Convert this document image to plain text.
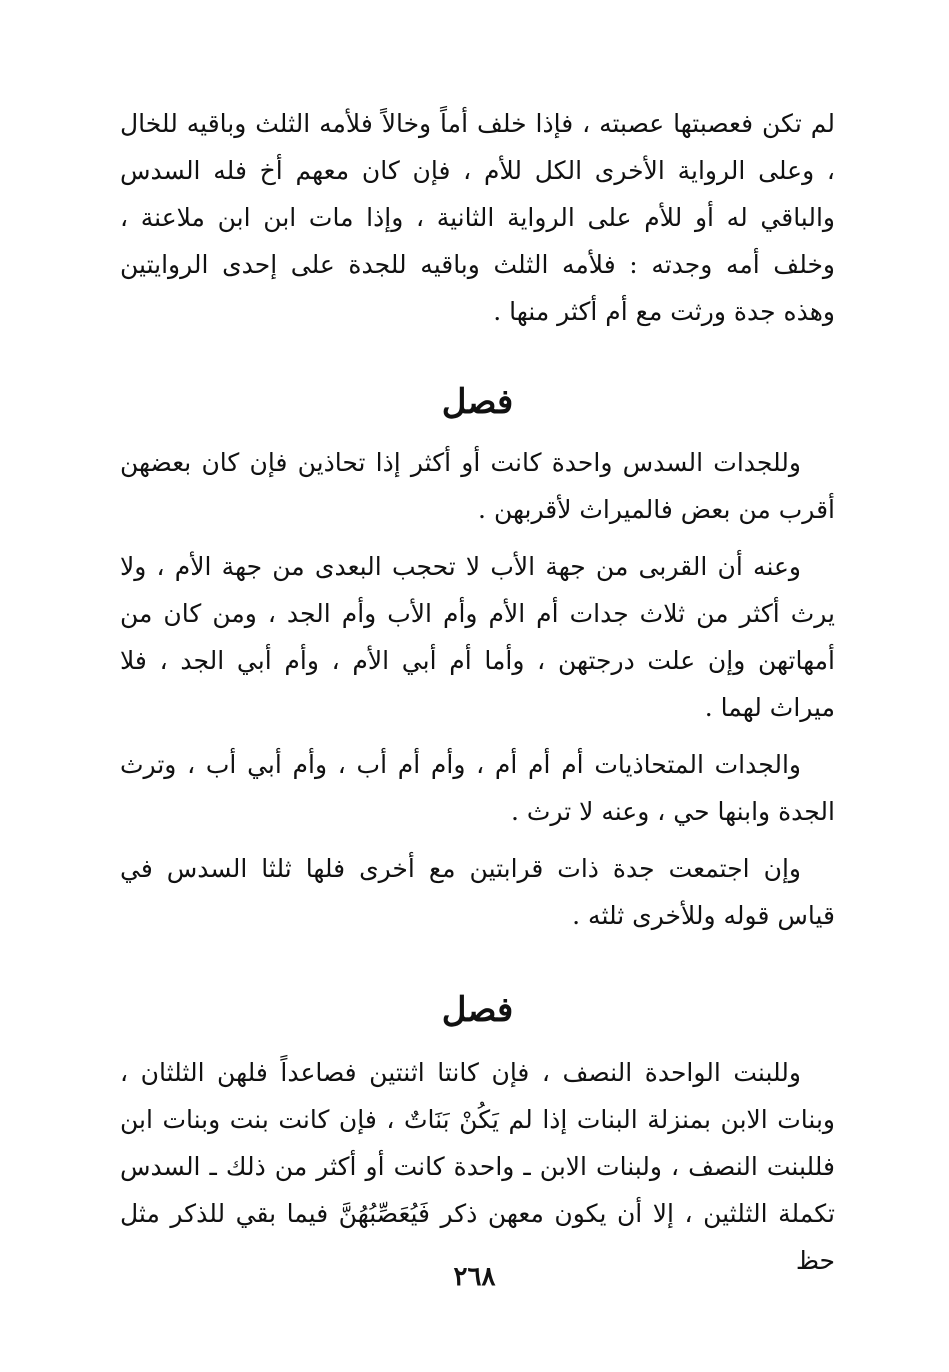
لم تكن فعصبتها عصبته ، فإذا خلف أماً وخالاً فلأمه الثلث وباقيه للخال ، وعلى الرواية الأخرى الكل للأم ، فإن كان معهم أخ فله السدس والباقي له أو للأم على الرواية الثانية ، وإذا مات ابن ابن ملاعنة ، وخلف أمه وجدته : فلأمه الثلث وباقيه للجدة على إحدى الروايتين وهذه جدة ورثت مع أم أكثر منها .

فصل

وللجدات السدس واحدة كانت أو أكثر إذا تحاذين فإن كان بعضهن أقرب من بعض فالميراث لأقربهن .

وعنه أن القربى من جهة الأب لا تحجب البعدى من جهة الأم ، ولا يرث أكثر من ثلاث جدات أم الأم وأم الأب وأم الجد ، ومن كان من أمهاتهن وإن علت درجتهن ، وأما أم أبي الأم ، وأم أبي الجد ، فلا ميراث لهما .

والجدات المتحاذيات أم أم أم ، وأم أم أب ، وأم أبي أب ، وترث الجدة وابنها حي ، وعنه لا ترث .

وإن اجتمعت جدة ذات قرابتين مع أخرى فلها ثلثا السدس في قياس قوله وللأخرى ثلثه .

فصل

وللبنت الواحدة النصف ، فإن كانتا اثنتين فصاعداً فلهن الثلثان ، وبنات الابن بمنزلة البنات إذا لم يَكُنْ بَنَاتٌ ، فإن كانت بنت وبنات ابن فللبنت النصف ، ولبنات الابن ـ واحدة كانت أو أكثر من ذلك ـ السدس تكملة الثلثين ، إلا أن يكون معهن ذكر فَيُعَصِّبُهُنَّ فيما بقي للذكر مثل حظ

٢٦٨
